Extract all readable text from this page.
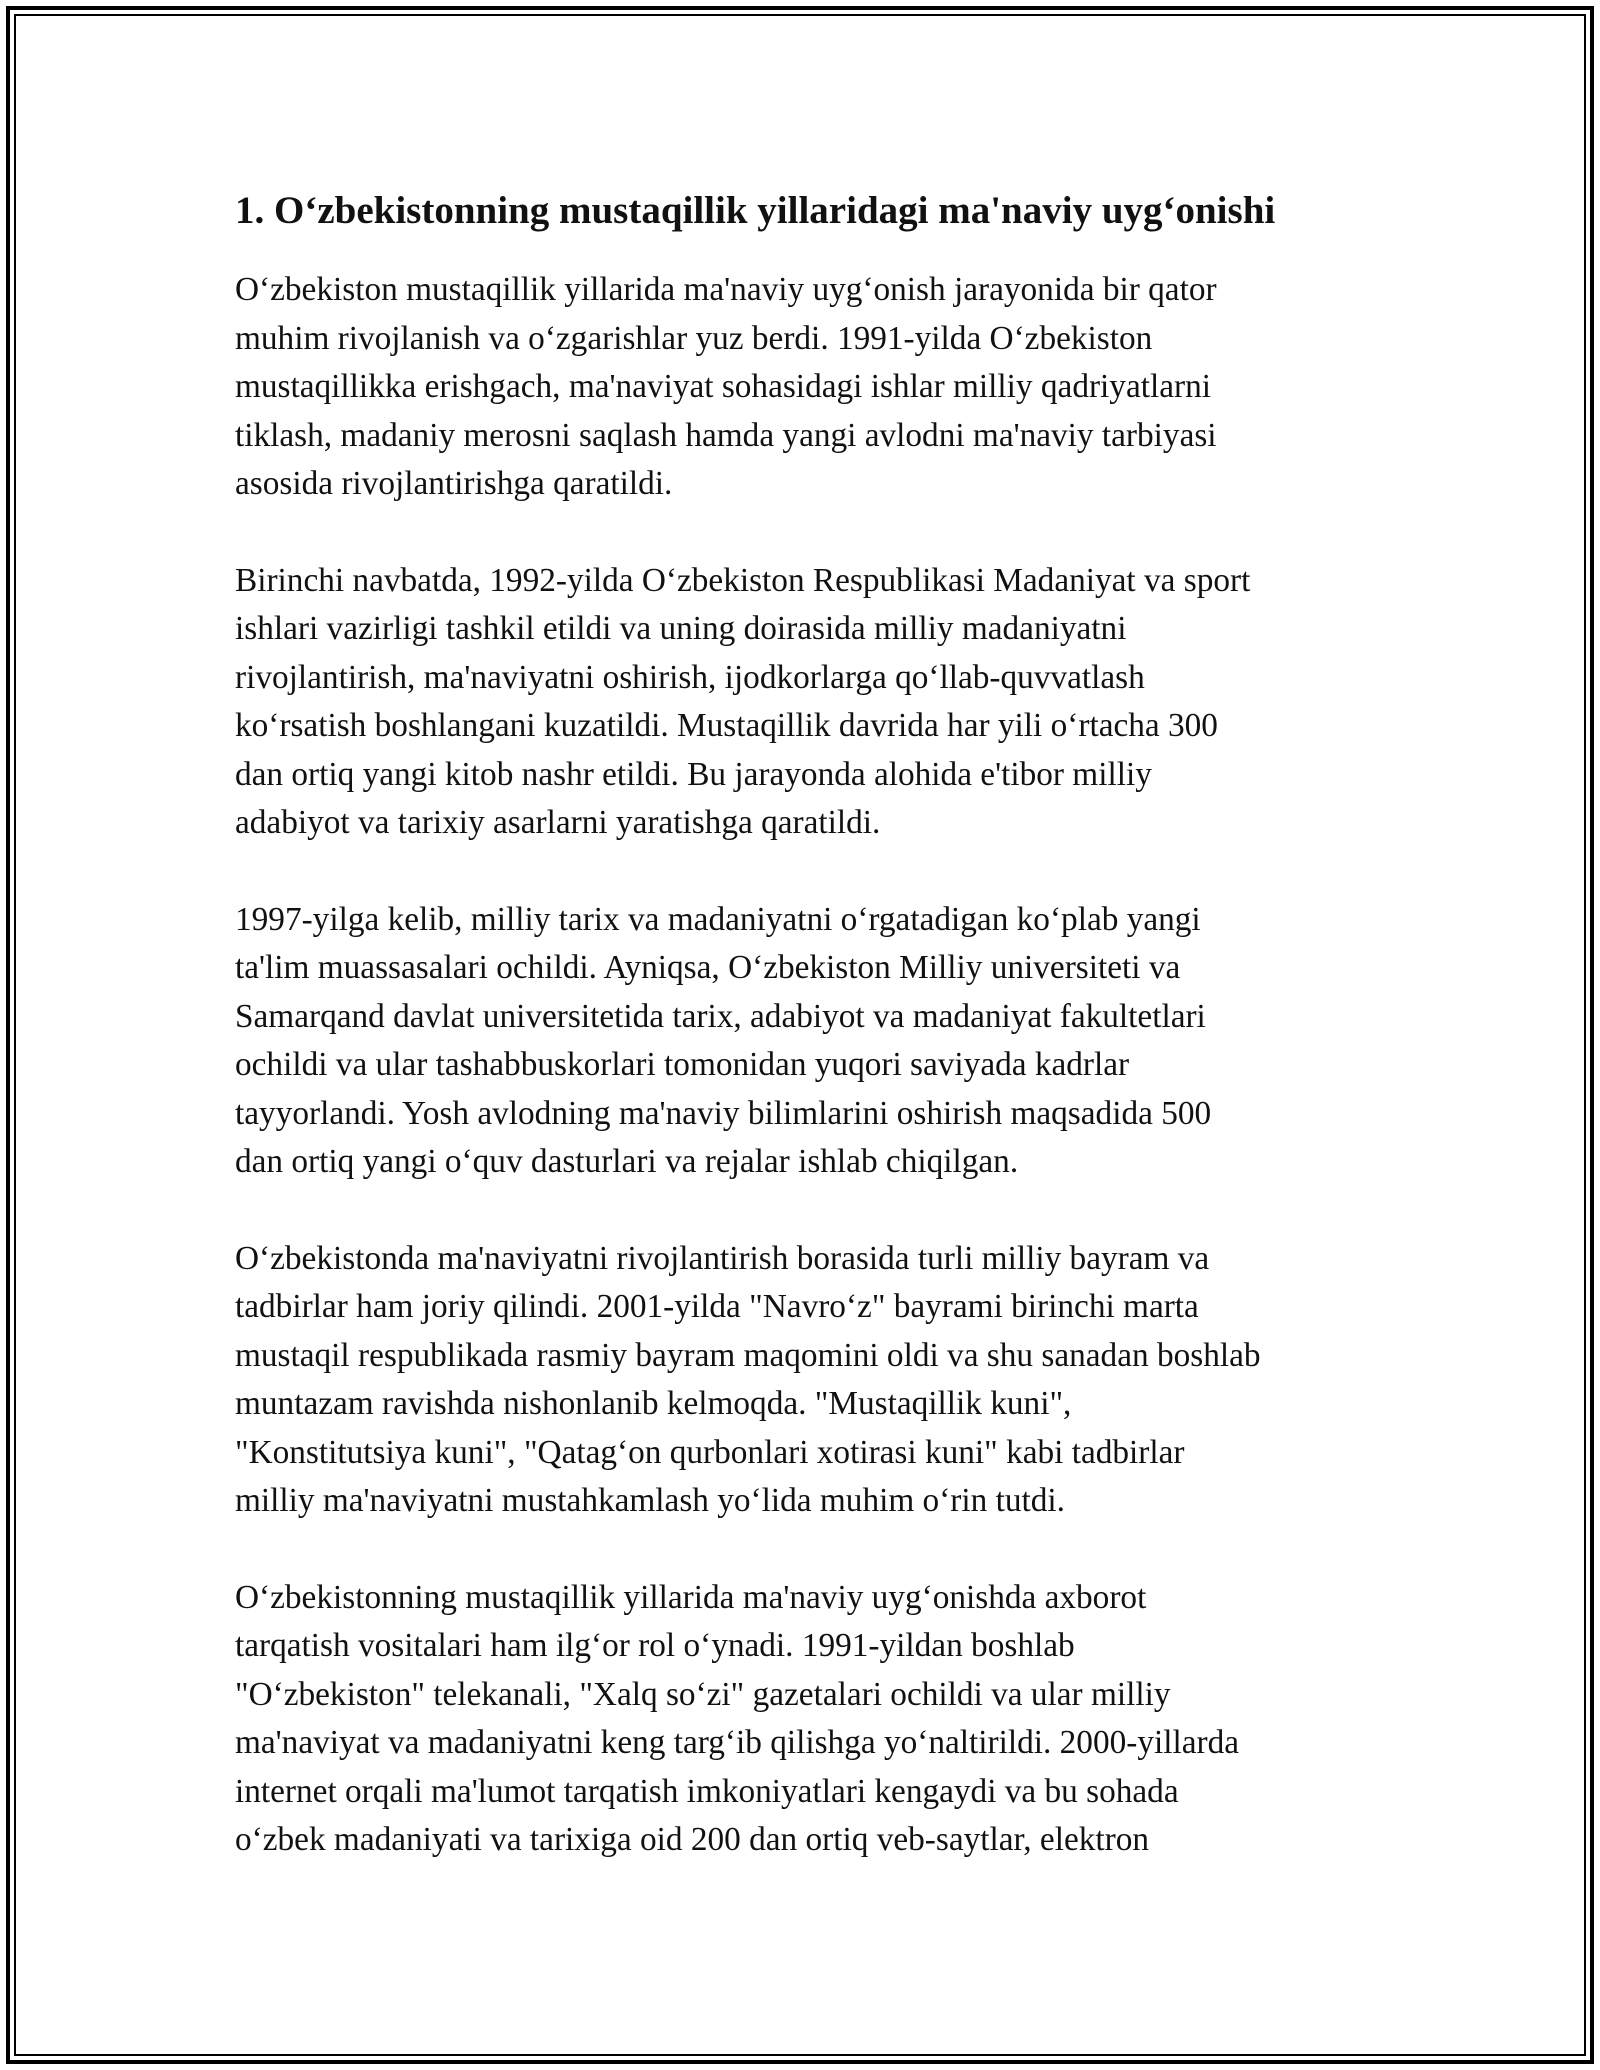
1. O‘zbekistonning mustaqillik yillaridagi ma'naviy uyg‘onishi

O‘zbekiston mustaqillik yillarida ma'naviy uyg‘onish jarayonida bir qator
muhim rivojlanish va o‘zgarishlar yuz berdi. 1991-yilda O‘zbekiston
mustaqillikka erishgach, ma'naviyat sohasidagi ishlar milliy qadriyatlarni
tiklash, madaniy merosni saqlash hamda yangi avlodni ma'naviy tarbiyasi
asosida rivojlantirishga qaratildi.

Birinchi navbatda, 1992-yilda O‘zbekiston Respublikasi Madaniyat va sport
ishlari vazirligi tashkil etildi va uning doirasida milliy madaniyatni
rivojlantirish, ma'naviyatni oshirish, ijodkorlarga qo‘llab-quvvatlash
ko‘rsatish boshlangani kuzatildi. Mustaqillik davrida har yili o‘rtacha 300
dan ortiq yangi kitob nashr etildi. Bu jarayonda alohida e'tibor milliy
adabiyot va tarixiy asarlarni yaratishga qaratildi.

1997-yilga kelib, milliy tarix va madaniyatni o‘rgatadigan ko‘plab yangi
ta'lim muassasalari ochildi. Ayniqsa, O‘zbekiston Milliy universiteti va
Samarqand davlat universitetida tarix, adabiyot va madaniyat fakultetlari
ochildi va ular tashabbuskorlari tomonidan yuqori saviyada kadrlar
tayyorlandi. Yosh avlodning ma'naviy bilimlarini oshirish maqsadida 500
dan ortiq yangi o‘quv dasturlari va rejalar ishlab chiqilgan.

O‘zbekistonda ma'naviyatni rivojlantirish borasida turli milliy bayram va
tadbirlar ham joriy qilindi. 2001-yilda "Navro‘z" bayrami birinchi marta
mustaqil respublikada rasmiy bayram maqomini oldi va shu sanadan boshlab
muntazam ravishda nishonlanib kelmoqda. "Mustaqillik kuni",
"Konstitutsiya kuni", "Qatag‘on qurbonlari xotirasi kuni" kabi tadbirlar
milliy ma'naviyatni mustahkamlash yo‘lida muhim o‘rin tutdi.

O‘zbekistonning mustaqillik yillarida ma'naviy uyg‘onishda axborot
tarqatish vositalari ham ilg‘or rol o‘ynadi. 1991-yildan boshlab
"O‘zbekiston" telekanali, "Xalq so‘zi" gazetalari ochildi va ular milliy
ma'naviyat va madaniyatni keng targ‘ib qilishga yo‘naltirildi. 2000-yillarda
internet orqali ma'lumot tarqatish imkoniyatlari kengaydi va bu sohada
o‘zbek madaniyati va tarixiga oid 200 dan ortiq veb-saytlar, elektron
